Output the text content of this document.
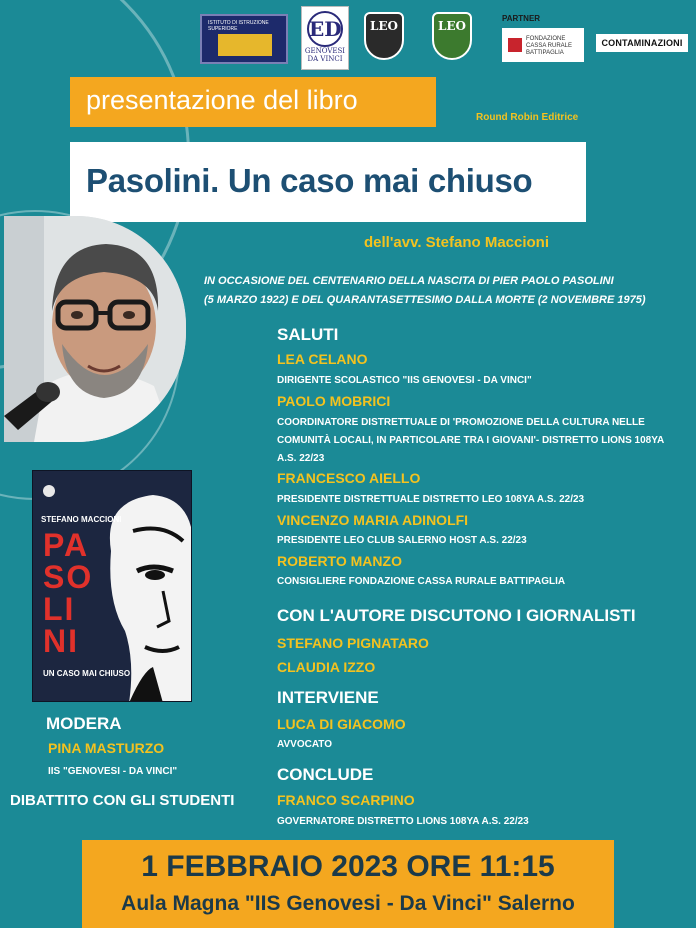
ISTITUTO DI ISTRUZIONE SUPERIORE	ED
GENOVESI DA VINCI
LEO	LEO
PARTNER
FONDAZIONE CASSA RURALE BATTIPAGLIA
CONTAMINAZIONI
presentazione del libro
Round Robin Editrice
Pasolini. Un caso mai chiuso
dell'avv. Stefano Maccioni
IN OCCASIONE DEL CENTENARIO DELLA NASCITA DI PIER PAOLO PASOLINI
(5 MARZO 1922) E DEL QUARANTASETTESIMO DALLA MORTE (2 NOVEMBRE 1975)
STEFANO MACCIONI
PA
SO
LI
NI
UN CASO MAI CHIUSO
SALUTI
LEA CELANO
DIRIGENTE SCOLASTICO "IIS GENOVESI - DA VINCI"
PAOLO MOBRICI
COORDINATORE DISTRETTUALE DI 'PROMOZIONE DELLA CULTURA NELLE COMUNITÀ LOCALI, IN PARTICOLARE TRA I GIOVANI'- DISTRETTO LIONS 108YA A.S. 22/23
FRANCESCO AIELLO
PRESIDENTE DISTRETTUALE DISTRETTO LEO 108YA A.S. 22/23
VINCENZO MARIA ADINOLFI
PRESIDENTE LEO CLUB SALERNO HOST A.S. 22/23
ROBERTO MANZO
CONSIGLIERE FONDAZIONE CASSA RURALE BATTIPAGLIA
CON L'AUTORE DISCUTONO I GIORNALISTI
STEFANO PIGNATARO
CLAUDIA IZZO
INTERVIENE
LUCA DI GIACOMO
AVVOCATO
CONCLUDE
FRANCO SCARPINO
GOVERNATORE DISTRETTO LIONS 108YA A.S. 22/23
MODERA
PINA MASTURZO
IIS "GENOVESI - DA VINCI"
DIBATTITO CON GLI STUDENTI
1 FEBBRAIO 2023 ORE 11:15
Aula Magna "IIS Genovesi - Da Vinci" Salerno
